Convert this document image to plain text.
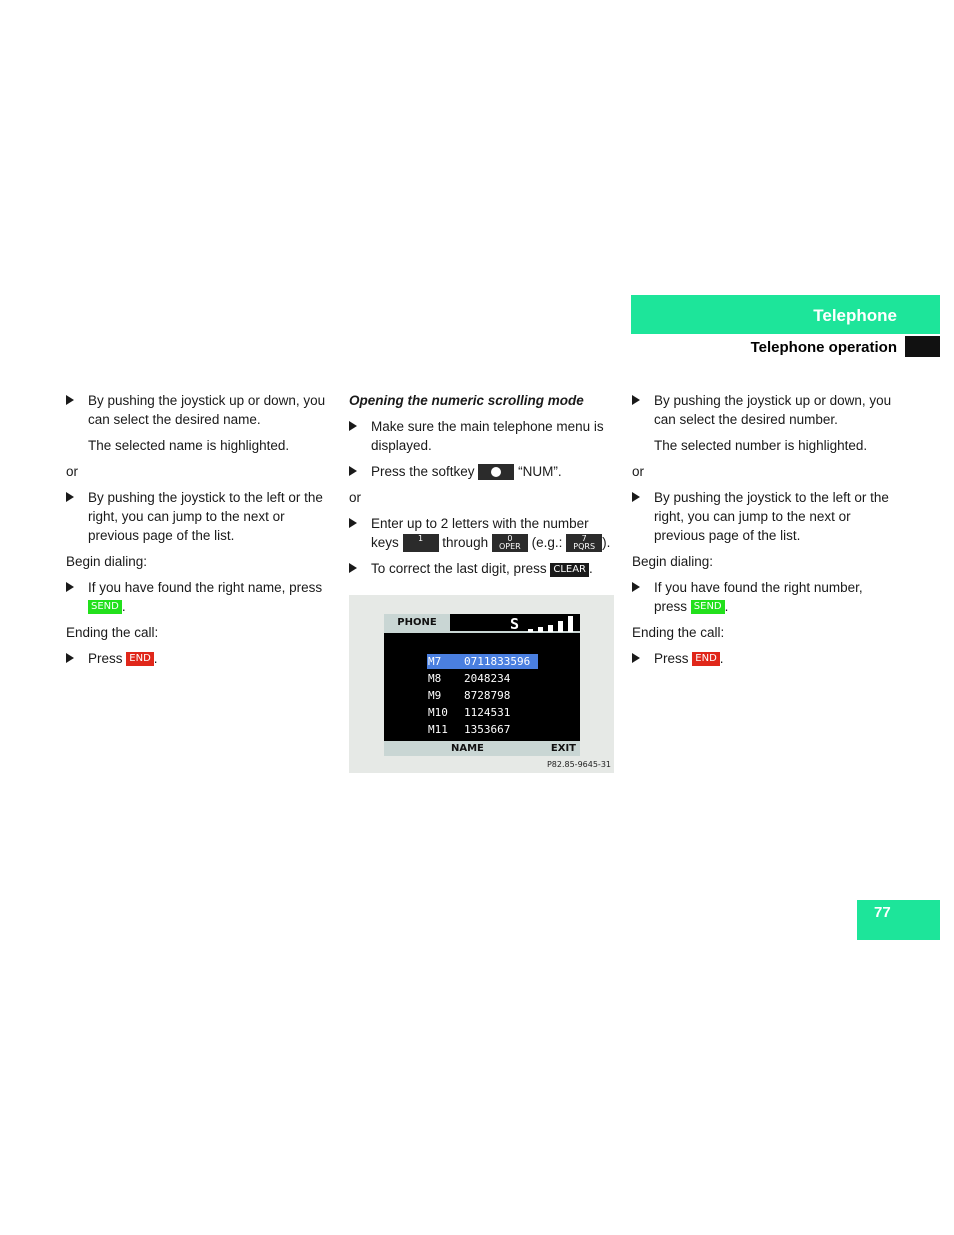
Telephone
Telephone operation
By pushing the joystick up or down, you can select the desired name.
The selected name is highlighted.
or
By pushing the joystick to the left or the right, you can jump to the next or previous page of the list.
Begin dialing:
If you have found the right name, press SEND .
Ending the call:
Press END .
Opening the numeric scrolling mode
Make sure the main telephone menu is displayed.
Press the softkey	“NUM”.
or
Enter up to 2 letters with the number keys 1 through 0
OPER (e.g.: 7
PQRS ).
To correct the last digit, press CLEAR .
PHONE	S
M7 0711833596
M8 2048234
M9 8728798
M10 1124531
M11 1353667
NAME	EXIT
P82.85-9645-31
By pushing the joystick up or down, you can select the desired number.
The selected number is highlighted.
or
By pushing the joystick to the left or the right, you can jump to the next or previous page of the list.
Begin dialing:
If you have found the right number, press SEND .
Ending the call:
Press END .
77
